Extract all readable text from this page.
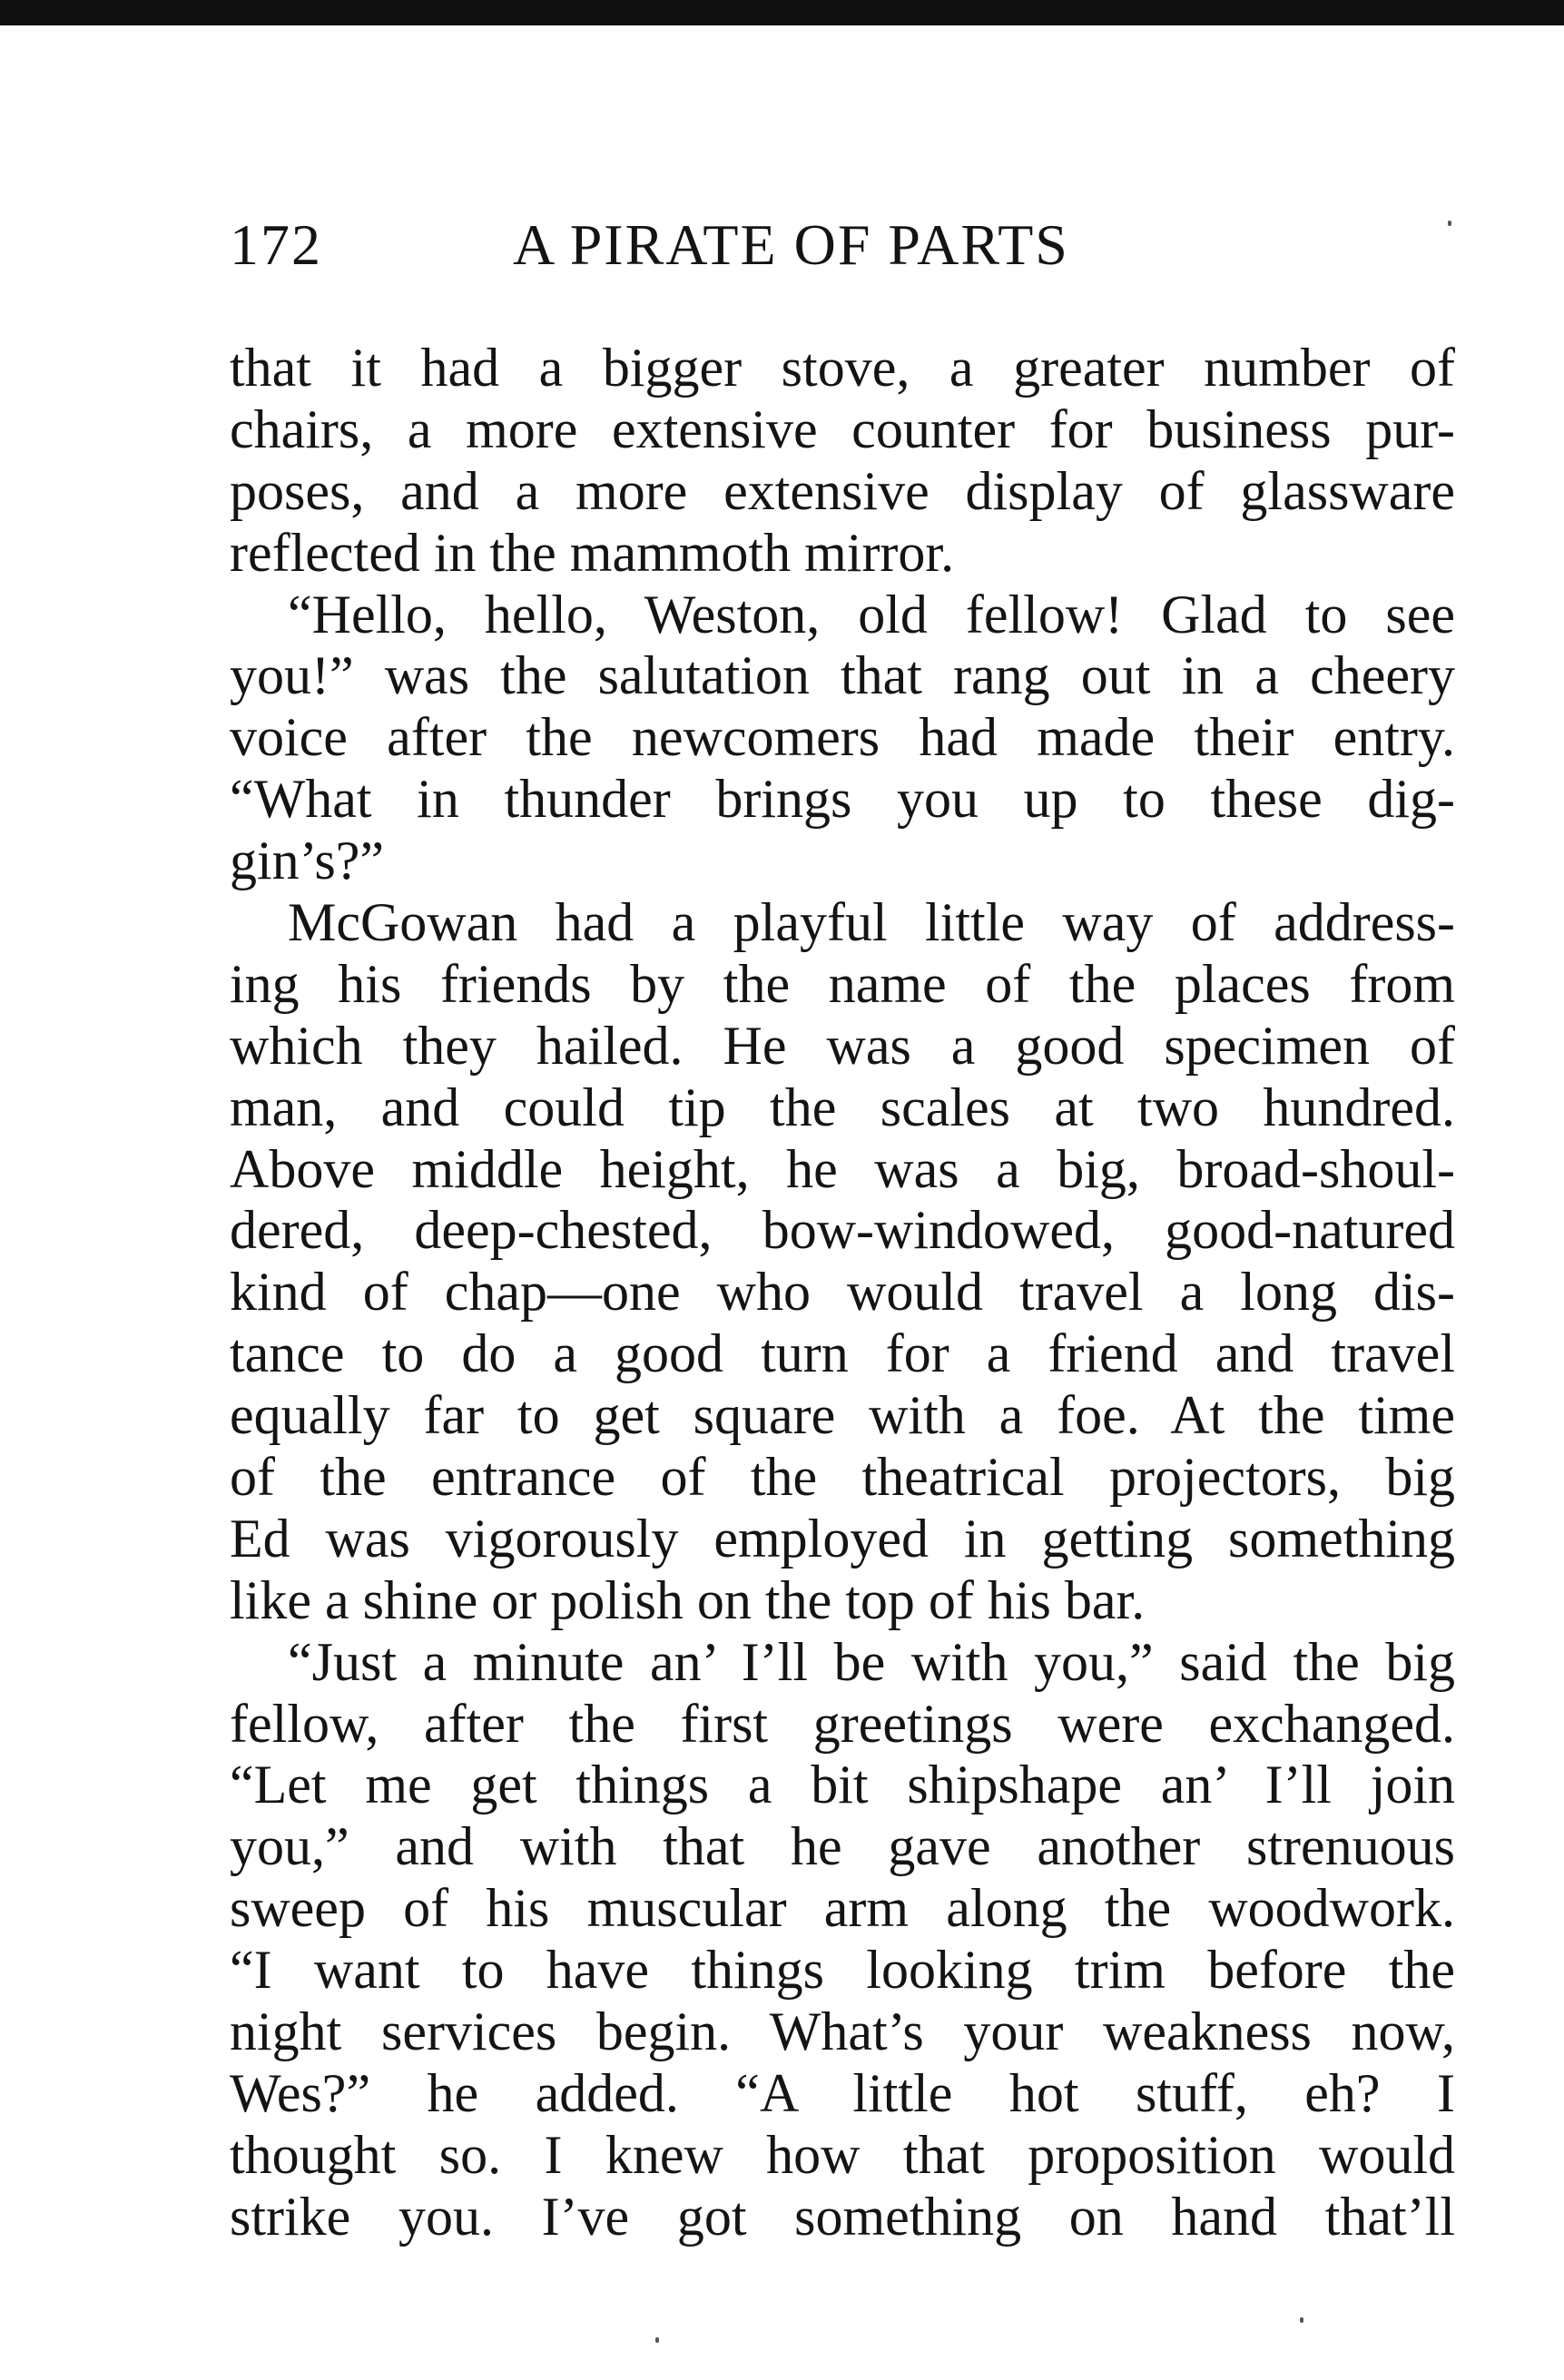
172	A PIRATE OF PARTS
that it had a bigger stove, a greater number of
chairs, a more extensive counter for business pur-
poses, and a more extensive display of glassware
reflected in the mammoth mirror.
“Hello, hello, Weston, old fellow! Glad to see
you!” was the salutation that rang out in a cheery
voice after the newcomers had made their entry.
“What in thunder brings you up to these dig-
gin’s?”
McGowan had a playful little way of address-
ing his friends by the name of the places from
which they hailed. He was a good specimen of
man, and could tip the scales at two hundred.
Above middle height, he was a big, broad-shoul-
dered, deep-chested, bow-windowed, good-natured
kind of chap—one who would travel a long dis-
tance to do a good turn for a friend and travel
equally far to get square with a foe. At the time
of the entrance of the theatrical projectors, big
Ed was vigorously employed in getting something
like a shine or polish on the top of his bar.
“Just a minute an’ I’ll be with you,” said the big
fellow, after the first greetings were exchanged.
“Let me get things a bit shipshape an’ I’ll join
you,” and with that he gave another strenuous
sweep of his muscular arm along the woodwork.
“I want to have things looking trim before the
night services begin. What’s your weakness now,
Wes?” he added. “A little hot stuff, eh? I
thought so. I knew how that proposition would
strike you. I’ve got something on hand that’ll
